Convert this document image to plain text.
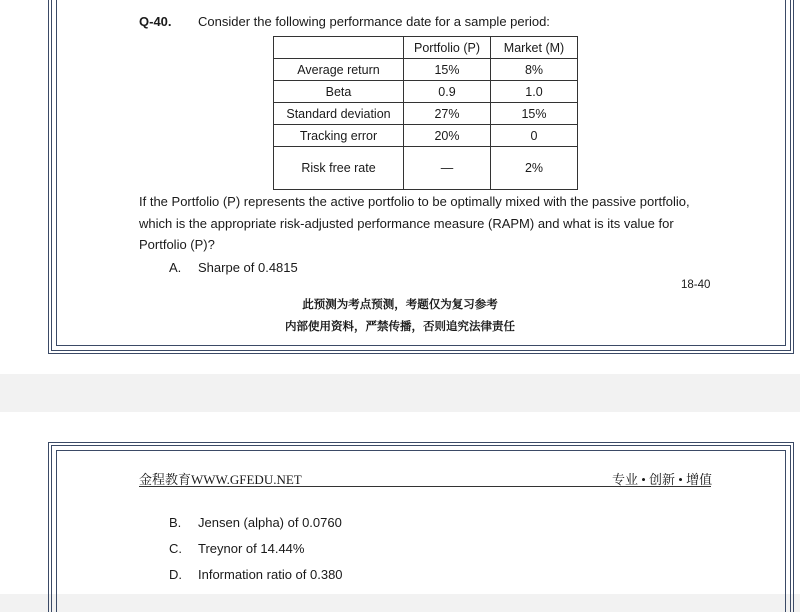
Q-40. Consider the following performance date for a sample period:
	Portfolio (P)	Market (M)
Average return	15%	8%
Beta	0.9	1.0
Standard deviation	27%	15%
Tracking error	20%	0
Risk free rate	—	2%
If the Portfolio (P) represents the active portfolio to be optimally mixed with the passive portfolio,
which is the appropriate risk-adjusted performance measure (RAPM) and what is its value for
Portfolio (P)?
A. Sharpe of 0.4815
18-40
此预测为考点预测，考题仅为复习参考
内部使用资料，严禁传播，否则追究法律责任
金程教育WWW.GFEDU.NET	专业 • 创新 • 增值
B. Jensen (alpha) of 0.0760
C. Treynor of 14.44%
D. Information ratio of 0.380
